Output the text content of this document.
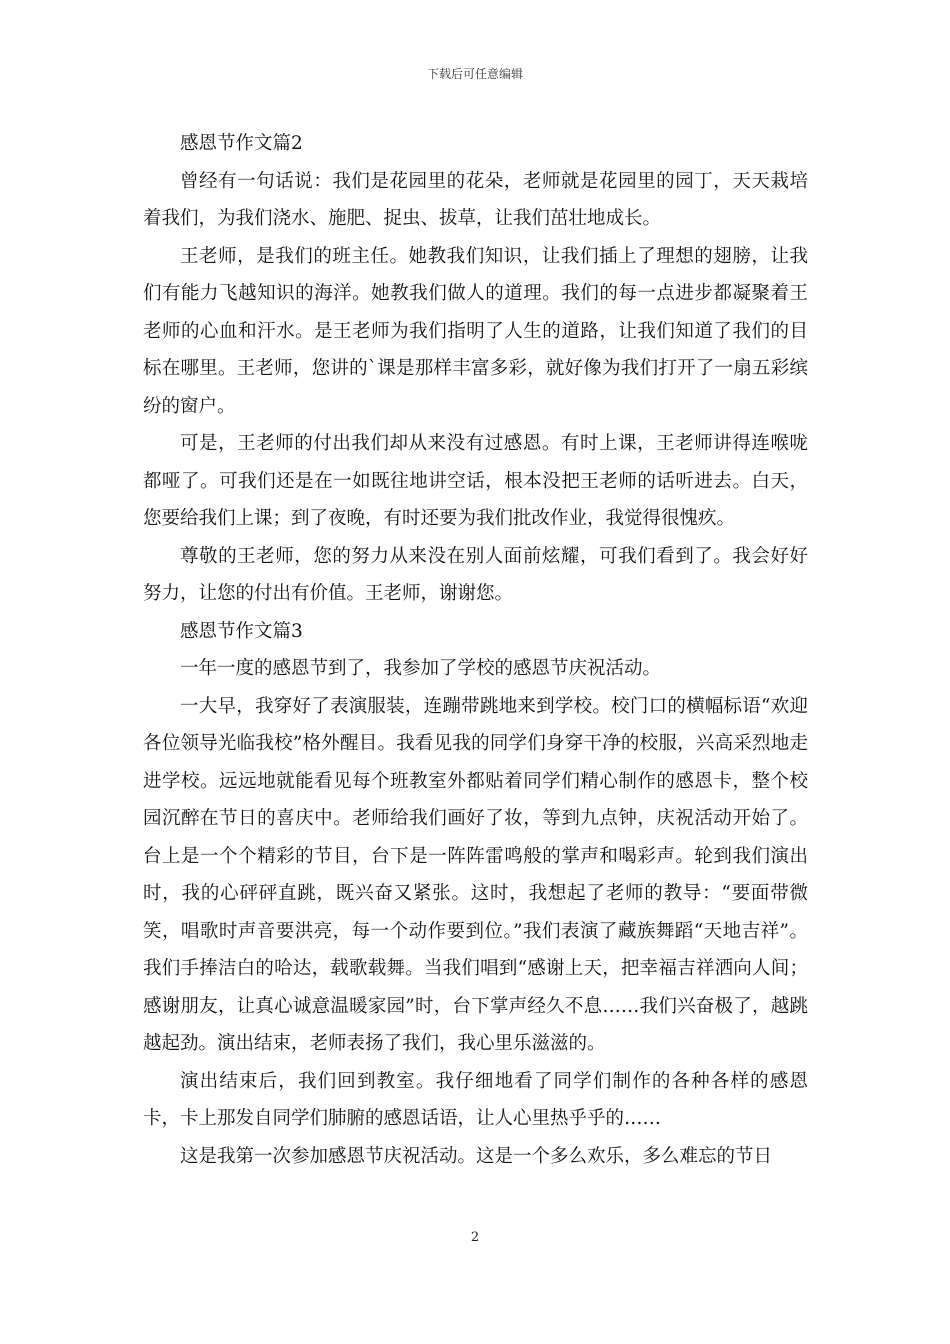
下载后可任意编辑

感恩节作文篇2

曾经有一句话说：我们是花园里的花朵，老师就是花园里的园丁，天天栽培着我们，为我们浇水、施肥、捉虫、拔草，让我们茁壮地成长。

王老师，是我们的班主任。她教我们知识，让我们插上了理想的翅膀，让我们有能力飞越知识的海洋。她教我们做人的道理。我们的每一点进步都凝聚着王老师的心血和汗水。是王老师为我们指明了人生的道路，让我们知道了我们的目标在哪里。王老师，您讲的`课是那样丰富多彩，就好像为我们打开了一扇五彩缤纷的窗户。

可是，王老师的付出我们却从来没有过感恩。有时上课，王老师讲得连喉咙都哑了。可我们还是在一如既往地讲空话，根本没把王老师的话听进去。白天，您要给我们上课；到了夜晚，有时还要为我们批改作业，我觉得很愧疚。

尊敬的王老师，您的努力从来没在别人面前炫耀，可我们看到了。我会好好努力，让您的付出有价值。王老师，谢谢您。

感恩节作文篇3

一年一度的感恩节到了，我参加了学校的感恩节庆祝活动。

一大早，我穿好了表演服装，连蹦带跳地来到学校。校门口的横幅标语“欢迎各位领导光临我校”格外醒目。我看见我的同学们身穿干净的校服，兴高采烈地走进学校。远远地就能看见每个班教室外都贴着同学们精心制作的感恩卡，整个校园沉醉在节日的喜庆中。老师给我们画好了妆，等到九点钟，庆祝活动开始了。台上是一个个精彩的节目，台下是一阵阵雷鸣般的掌声和喝彩声。轮到我们演出时，我的心砰砰直跳，既兴奋又紧张。这时，我想起了老师的教导：“要面带微笑，唱歌时声音要洪亮，每一个动作要到位。”我们表演了藏族舞蹈“天地吉祥”。我们手捧洁白的哈达，载歌载舞。当我们唱到“感谢上天，把幸福吉祥洒向人间；感谢朋友，让真心诚意温暖家园”时，台下掌声经久不息……我们兴奋极了，越跳越起劲。演出结束，老师表扬了我们，我心里乐滋滋的。

演出结束后，我们回到教室。我仔细地看了同学们制作的各种各样的感恩卡，卡上那发自同学们肺腑的感恩话语，让人心里热乎乎的……

这是我第一次参加感恩节庆祝活动。这是一个多么欢乐，多么难忘的节日

2
